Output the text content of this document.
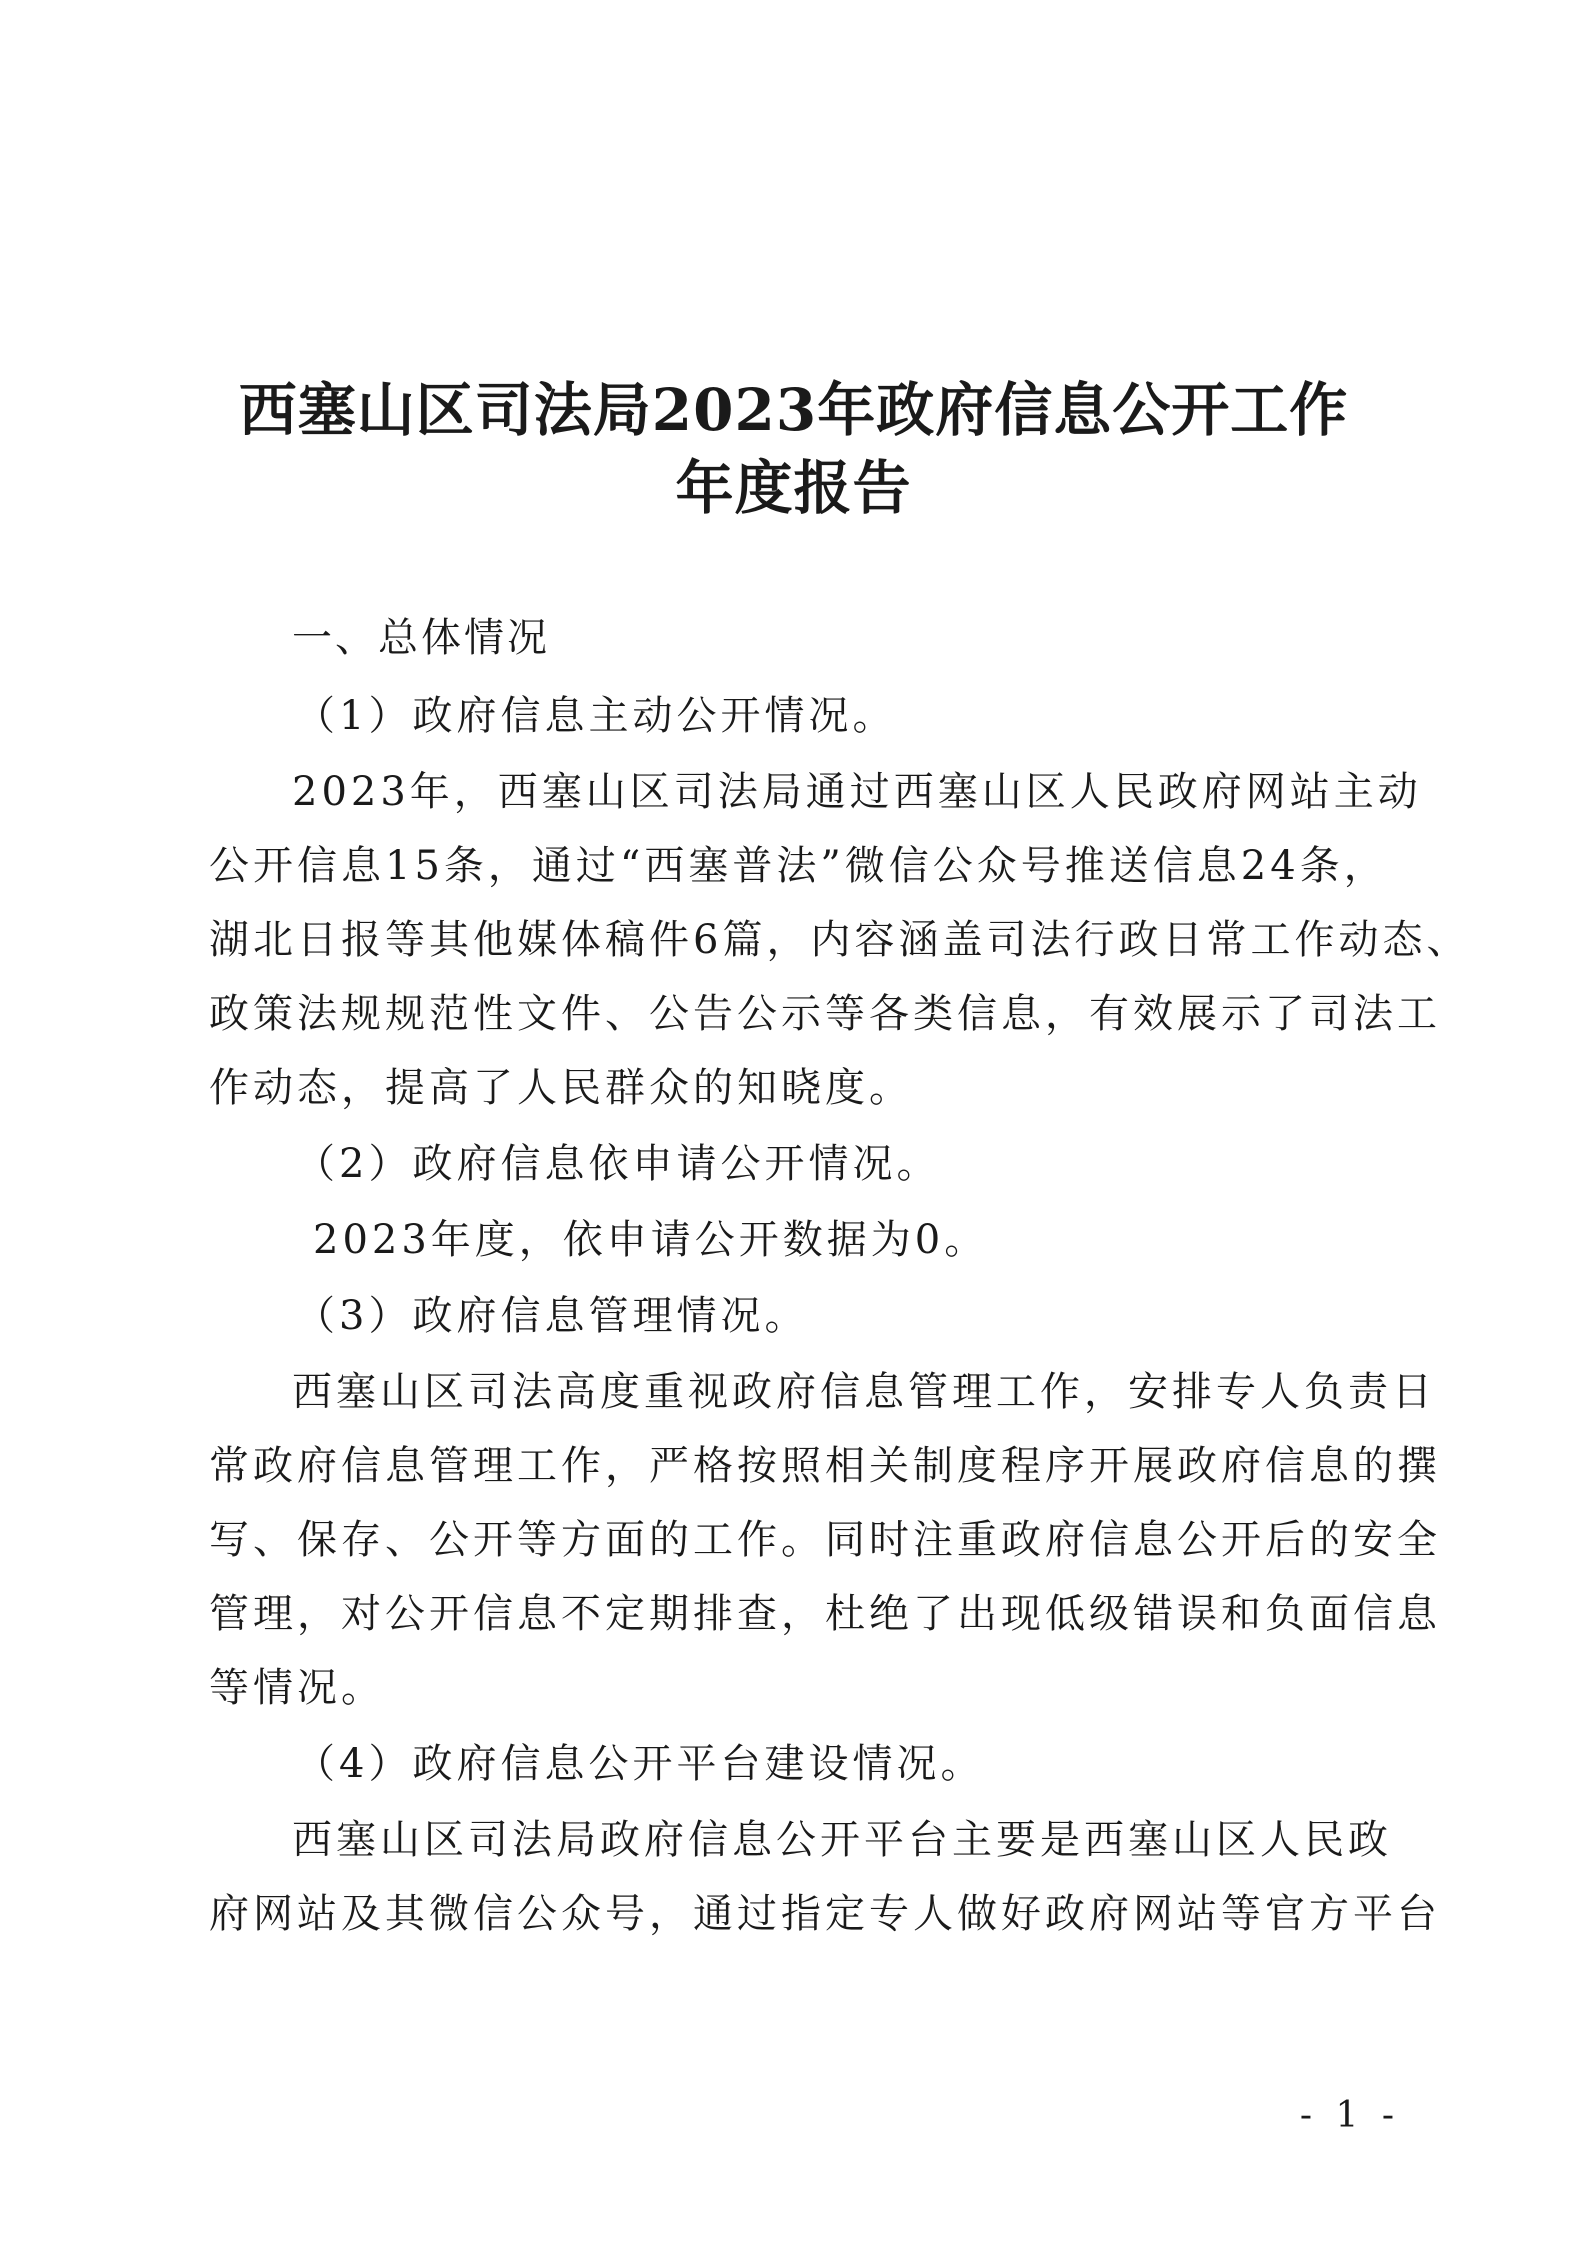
西塞山区司法局2023年政府信息公开工作
年度报告
一、总体情况
（1）政府信息主动公开情况。
2023年，西塞山区司法局通过西塞山区人民政府网站主动
公开信息15条，通过“西塞普法”微信公众号推送信息24条，
湖北日报等其他媒体稿件6篇，内容涵盖司法行政日常工作动态、
政策法规规范性文件、公告公示等各类信息，有效展示了司法工
作动态，提高了人民群众的知晓度。
（2）政府信息依申请公开情况。
2023年度，依申请公开数据为0。
（3）政府信息管理情况。
西塞山区司法高度重视政府信息管理工作，安排专人负责日
常政府信息管理工作，严格按照相关制度程序开展政府信息的撰
写、保存、公开等方面的工作。同时注重政府信息公开后的安全
管理，对公开信息不定期排查，杜绝了出现低级错误和负面信息
等情况。
（4）政府信息公开平台建设情况。
西塞山区司法局政府信息公开平台主要是西塞山区人民政
府网站及其微信公众号，通过指定专人做好政府网站等官方平台
- 1 -
